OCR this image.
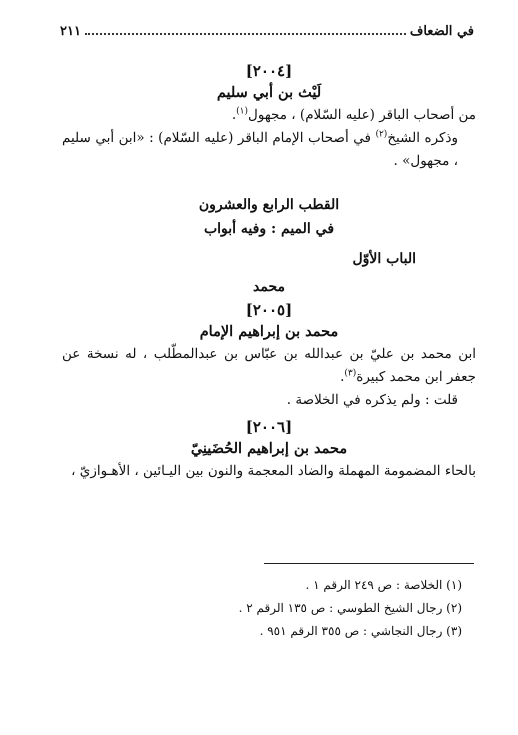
في الضعاف
٢١١
[٢٠٠٤]
لَيْث بن أبي سليم

من أصحاب الباقر (عليه السّلام) ، مجهول$^{(١)}$.

وذكره الشيخ$^{(٢)}$ في أصحاب الإمام الباقر (عليه السّلام) : «ابن أبي سليم ، مجهول» .

القطب الرابع والعشرون
في الميم : وفيه أبواب
الباب الأوّل
محمد
[٢٠٠٥]
محمد بن إبراهيم الإمام

ابن محمد بن عليّ بن عبدالله بن عبّاس بن عبدالمطّلب ، له نسخة عن جعفر ابن محمد كبيرة$^{(٣)}$.

قلت : ولم يذكره في الخلاصة .

[٢٠٠٦]
محمد بن إبراهيم الحُضَينِيّ

بالحاء المضمومة المهملة والضاد المعجمة والنون بين اليـائين ، الأهـوازيّ ،

(١) الخلاصة : ص ٢٤٩ الرقم ١ .
(٢) رجال الشيخ الطوسي : ص ١٣٥ الرقم ٢ .
(٣) رجال النجاشي : ص ٣٥٥ الرقم ٩٥١ .
